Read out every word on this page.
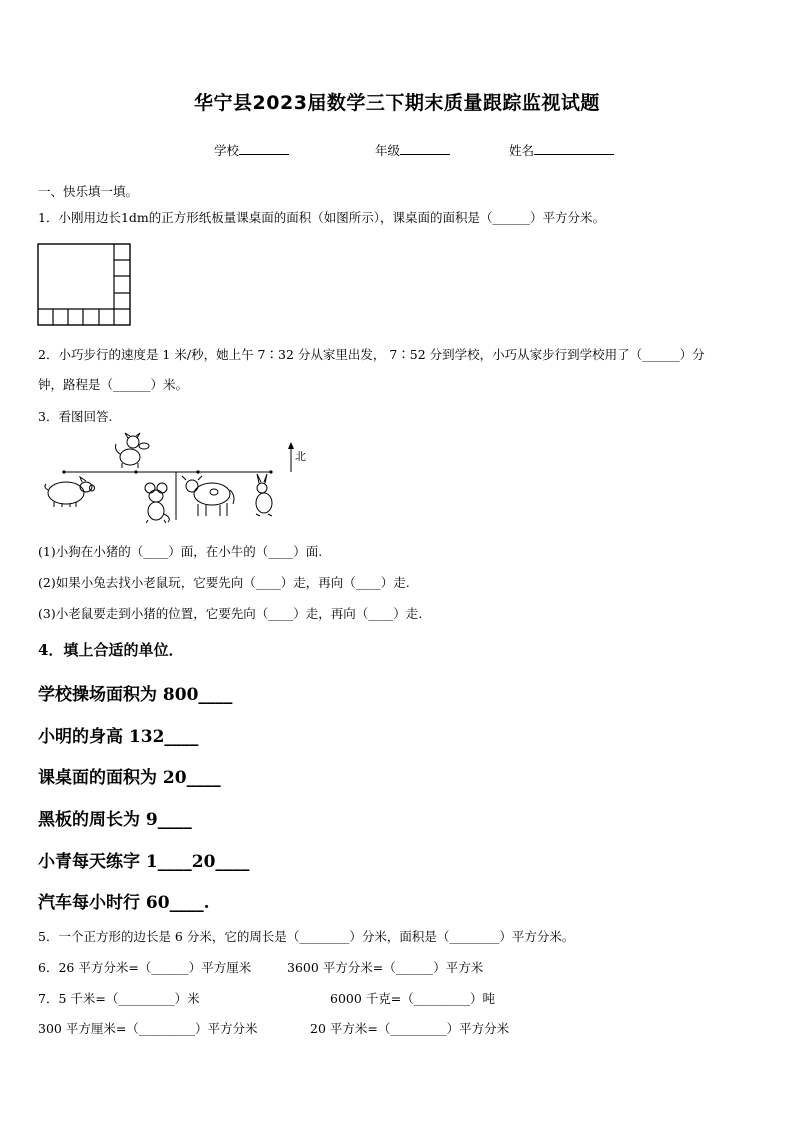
华宁县2023届数学三下期末质量跟踪监视试题
学校	年级	姓名
一、快乐填一填。
1．小刚用边长1dm的正方形纸板量课桌面的面积（如图所示），课桌面的面积是（______）平方分米。
2．小巧步行的速度是 1 米/秒，她上午 7∶32 分从家里出发， 7∶52 分到学校，小巧从家步行到学校用了（______）分
钟，路程是（______）米。
3．看图回答.
北
(1)小狗在小猪的（____）面，在小牛的（____）面.
(2)如果小兔去找小老鼠玩，它要先向（____）走，再向（____）走.
(3)小老鼠要走到小猪的位置，它要先向（____）走，再向（____）走.
4．填上合适的单位．
学校操场面积为 800____
小明的身高 132____
课桌面的面积为 20____
黑板的周长为 9____
小青每天练字 1____20____
汽车每小时行 60____.
5．一个正方形的边长是 6 分米，它的周长是（________）分米，面积是（________）平方分米。
6．26 平方分米=（______）平方厘米	3600 平方分米=（______）平方米
7．5 千米=（_________）米	6000 千克=（_________）吨
300 平方厘米=（_________）平方分米	20 平方米=（_________）平方分米
